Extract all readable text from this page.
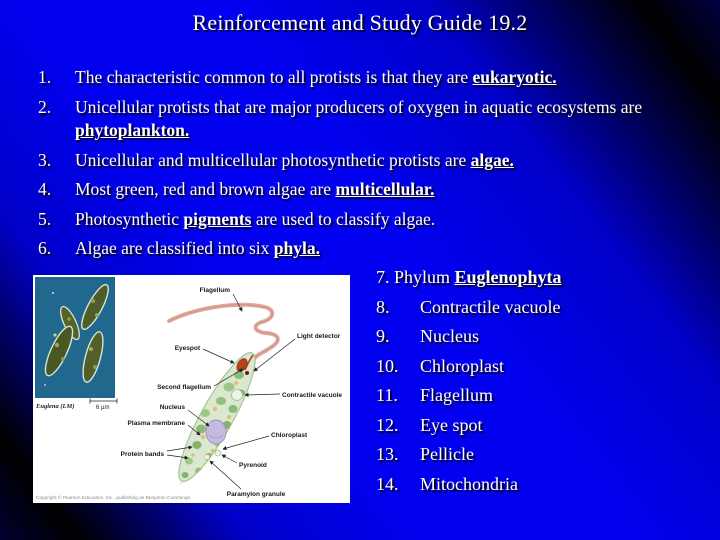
Reinforcement and Study Guide 19.2
1.	The characteristic common to all protists is that they are eukaryotic.
2.	Unicellular protists that are major producers of oxygen in aquatic ecosystems are phytoplankton.
3.	Unicellular and multicellular photosynthetic protists are algae.
4.	Most green, red and brown algae are multicellular.
5.	Photosynthetic pigments are used to classify algae.
6.	Algae are classified into six phyla.
Euglena (LM)	6 µm
Flagellum
Light detector
Eyespot
Second flagellum
Contractile vacuole
Nucleus
Plasma membrane
Chloroplast
Protein bands
Pyrenoid
Paramylon granule
Copyright © Pearson Education, Inc., publishing as Benjamin Cummings.
7. Phylum Euglenophyta
8.	Contractile vacuole
9.	Nucleus
10.	Chloroplast
11.	Flagellum
12.	Eye spot
13.	Pellicle
14.	Mitochondria
